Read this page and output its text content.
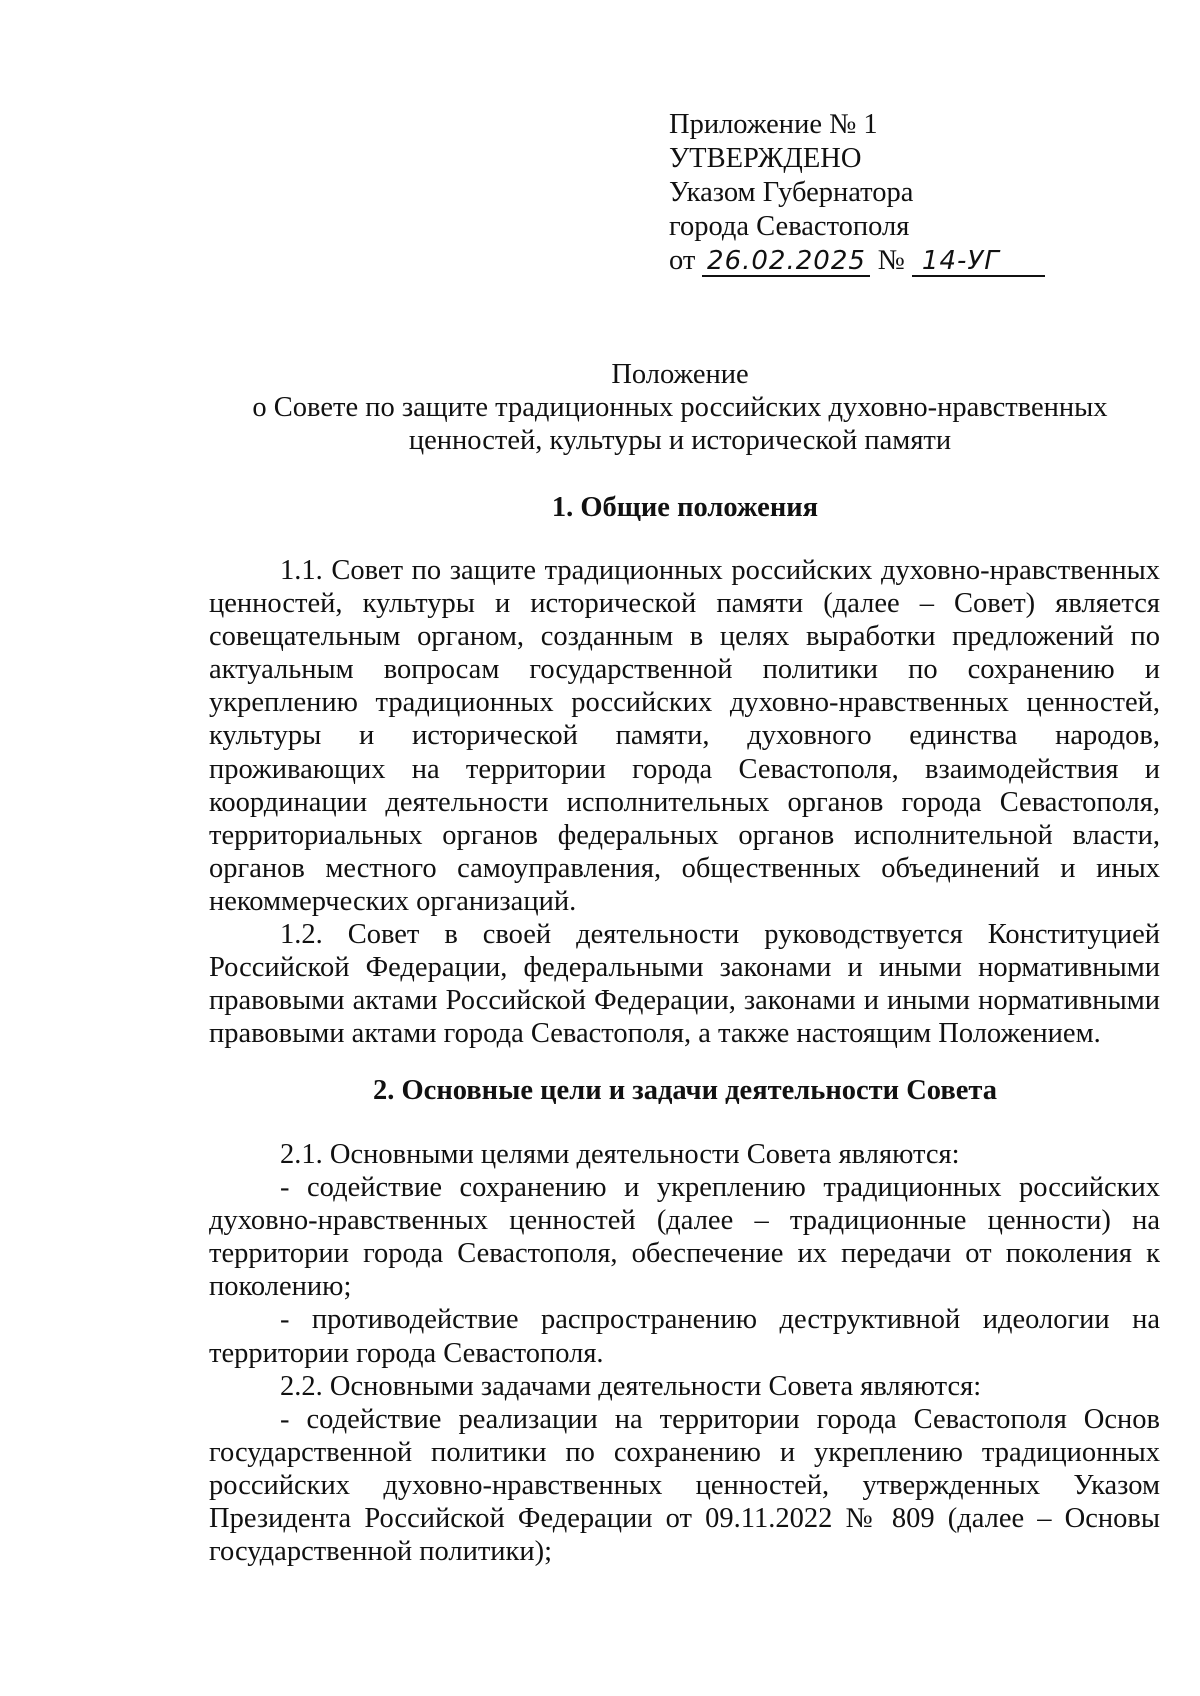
Приложение № 1
УТВЕРЖДЕНО
Указом Губернатора
города Севастополя
от 26.02.2025 № 14-УГ
Положение
о Совете по защите традиционных российских духовно-нравственных
ценностей, культуры и исторической памяти
1. Общие положения

1.1. Совет по защите традиционных российских духовно-нравственных ценностей, культуры и исторической памяти (далее – Совет) является совещательным органом, созданным в целях выработки предложений по актуальным вопросам государственной политики по сохранению и укреплению традиционных российских духовно-нравственных ценностей, культуры и исторической памяти, духовного единства народов, проживающих на территории города Севастополя, взаимодействия и координации деятельности исполнительных органов города Севастополя, территориальных органов федеральных органов исполнительной власти, органов местного самоуправления, общественных объединений и иных некоммерческих организаций.

1.2. Совет в своей деятельности руководствуется Конституцией Российской Федерации, федеральными законами и иными нормативными правовыми актами Российской Федерации, законами и иными нормативными правовыми актами города Севастополя, а также настоящим Положением.

2. Основные цели и задачи деятельности Совета

2.1. Основными целями деятельности Совета являются:

- содействие сохранению и укреплению традиционных российских духовно-нравственных ценностей (далее – традиционные ценности) на территории города Севастополя, обеспечение их передачи от поколения к поколению;

- противодействие распространению деструктивной идеологии на территории города Севастополя.

2.2. Основными задачами деятельности Совета являются:

- содействие реализации на территории города Севастополя Основ государственной политики по сохранению и укреплению традиционных российских духовно-нравственных ценностей, утвержденных Указом Президента Российской Федерации от 09.11.2022 № 809 (далее – Основы государственной политики);
